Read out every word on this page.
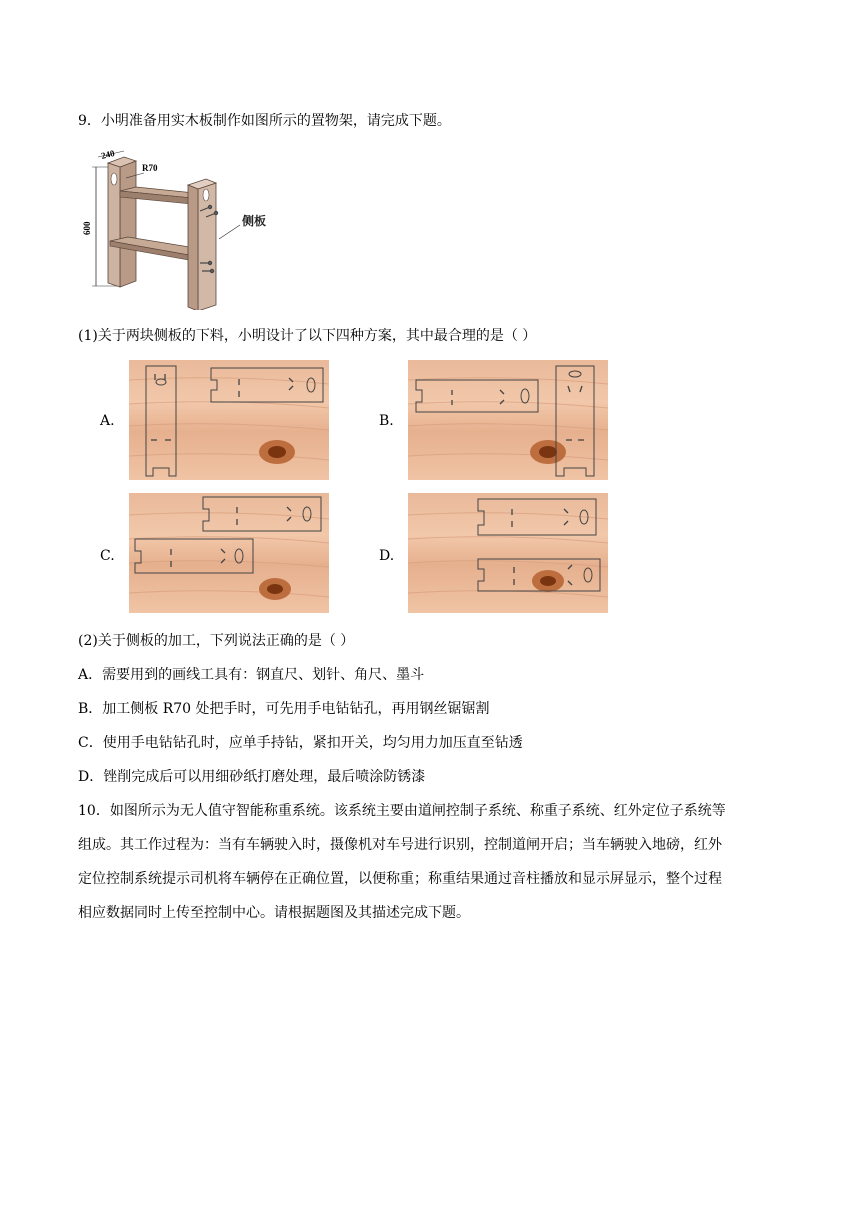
9．小明准备用实木板制作如图所示的置物架，请完成下题。
240
R70
600
侧板
(1)关于两块侧板的下料，小明设计了以下四种方案，其中最合理的是（ ）
A.	B.
C.	D.
(2)关于侧板的加工，下列说法正确的是（ ）
A．需要用到的画线工具有：钢直尺、划针、角尺、墨斗
B．加工侧板 R70 处把手时，可先用手电钻钻孔，再用钢丝锯锯割
C．使用手电钻钻孔时，应单手持钻，紧扣开关，均匀用力加压直至钻透
D．锉削完成后可以用细砂纸打磨处理，最后喷涂防锈漆
10．如图所示为无人值守智能称重系统。该系统主要由道闸控制子系统、称重子系统、红外定位子系统等
组成。其工作过程为：当有车辆驶入时，摄像机对车号进行识别，控制道闸开启；当车辆驶入地磅，红外
定位控制系统提示司机将车辆停在正确位置，以便称重；称重结果通过音柱播放和显示屏显示，整个过程
相应数据同时上传至控制中心。请根据题图及其描述完成下题。
